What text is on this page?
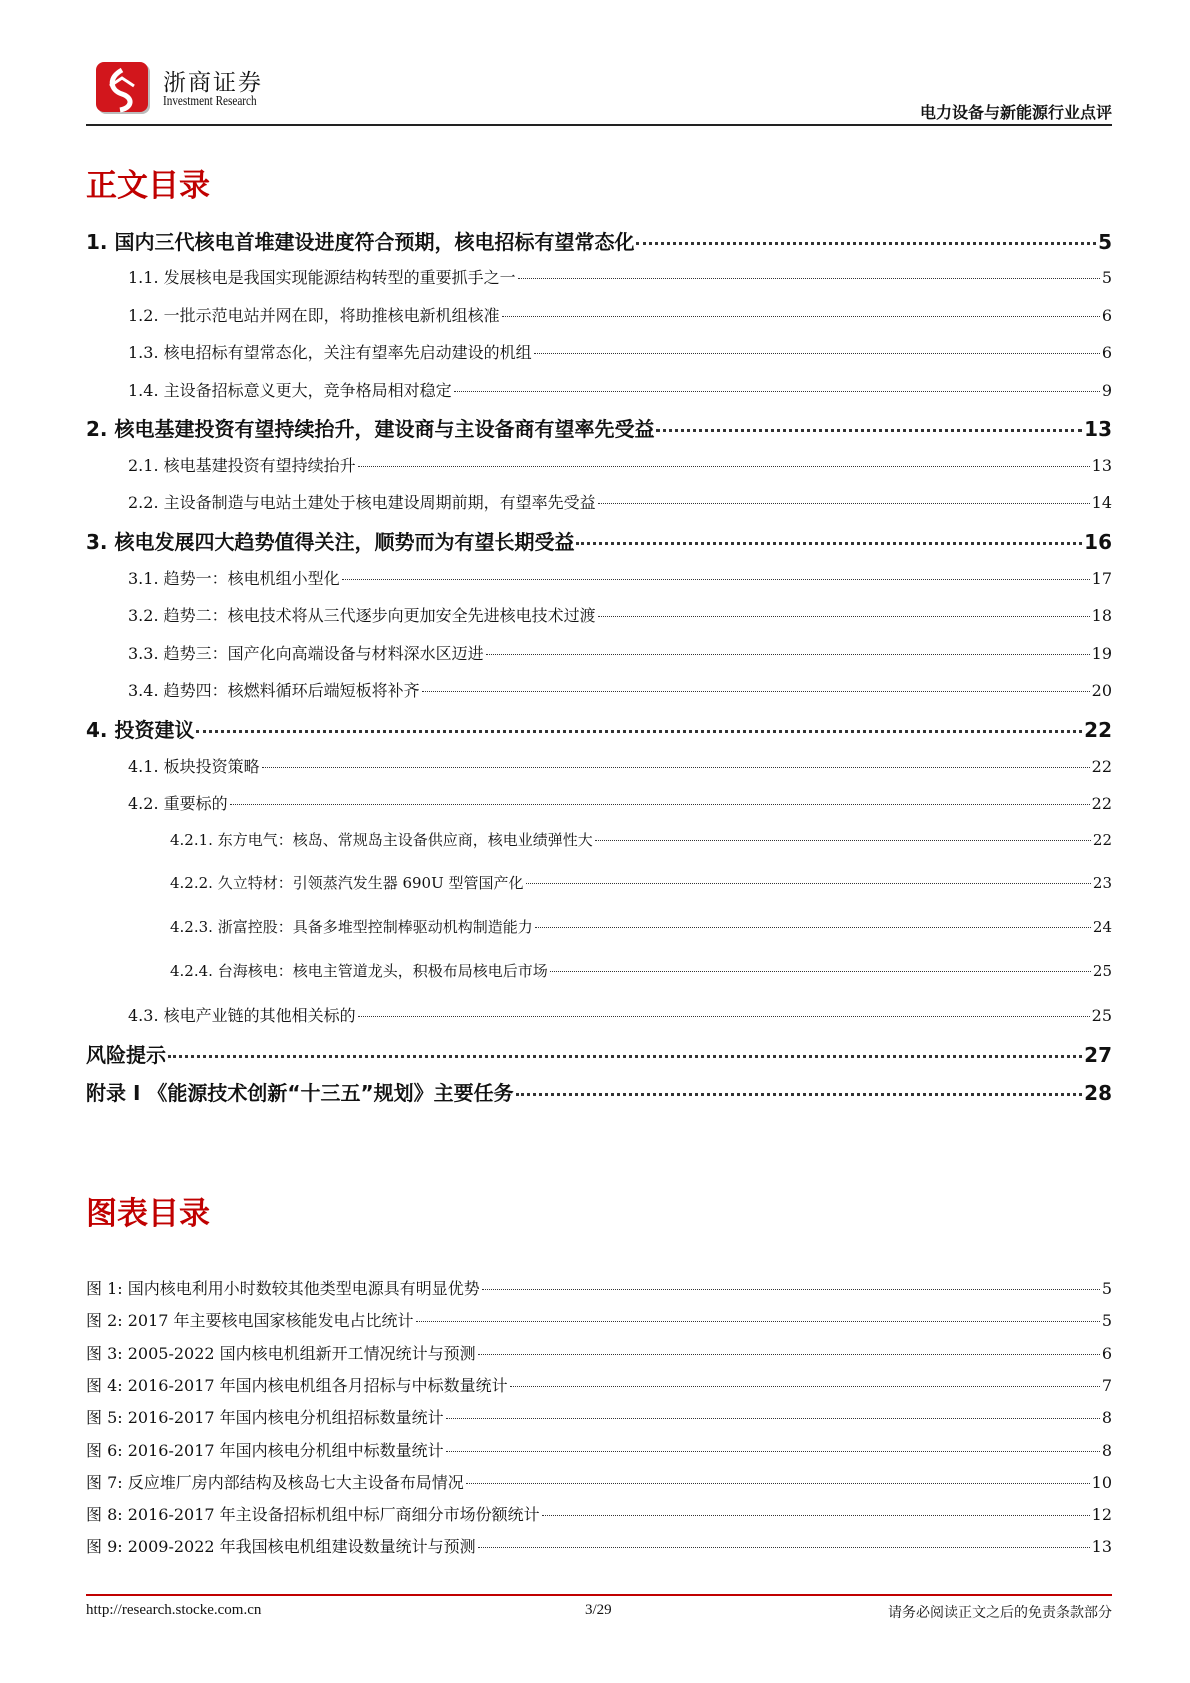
浙商证券
Investment Research
电力设备与新能源行业点评
正文目录
1. 国内三代核电首堆建设进度符合预期，核电招标有望常态化	5
1.1. 发展核电是我国实现能源结构转型的重要抓手之一	5
1.2. 一批示范电站并网在即，将助推核电新机组核准	6
1.3. 核电招标有望常态化，关注有望率先启动建设的机组	6
1.4. 主设备招标意义更大，竞争格局相对稳定	9
2. 核电基建投资有望持续抬升，建设商与主设备商有望率先受益	13
2.1. 核电基建投资有望持续抬升	13
2.2. 主设备制造与电站土建处于核电建设周期前期，有望率先受益	14
3. 核电发展四大趋势值得关注，顺势而为有望长期受益	16
3.1. 趋势一：核电机组小型化	17
3.2. 趋势二：核电技术将从三代逐步向更加安全先进核电技术过渡	18
3.3. 趋势三：国产化向高端设备与材料深水区迈进	19
3.4. 趋势四：核燃料循环后端短板将补齐	20
4. 投资建议	22
4.1. 板块投资策略	22
4.2. 重要标的	22
4.2.1. 东方电气：核岛、常规岛主设备供应商，核电业绩弹性大	22
4.2.2. 久立特材：引领蒸汽发生器 690U 型管国产化	23
4.2.3. 浙富控股：具备多堆型控制棒驱动机构制造能力	24
4.2.4. 台海核电：核电主管道龙头，积极布局核电后市场	25
4.3. 核电产业链的其他相关标的	25
风险提示	27
附录 I 《能源技术创新“十三五”规划》主要任务	28
图表目录
图 1: 国内核电利用小时数较其他类型电源具有明显优势	5
图 2: 2017 年主要核电国家核能发电占比统计	5
图 3: 2005-2022 国内核电机组新开工情况统计与预测	6
图 4: 2016-2017 年国内核电机组各月招标与中标数量统计	7
图 5: 2016-2017 年国内核电分机组招标数量统计	8
图 6: 2016-2017 年国内核电分机组中标数量统计	8
图 7: 反应堆厂房内部结构及核岛七大主设备布局情况	10
图 8: 2016-2017 年主设备招标机组中标厂商细分市场份额统计	12
图 9: 2009-2022 年我国核电机组建设数量统计与预测	13
http://research.stocke.com.cn	3/29	请务必阅读正文之后的免责条款部分
